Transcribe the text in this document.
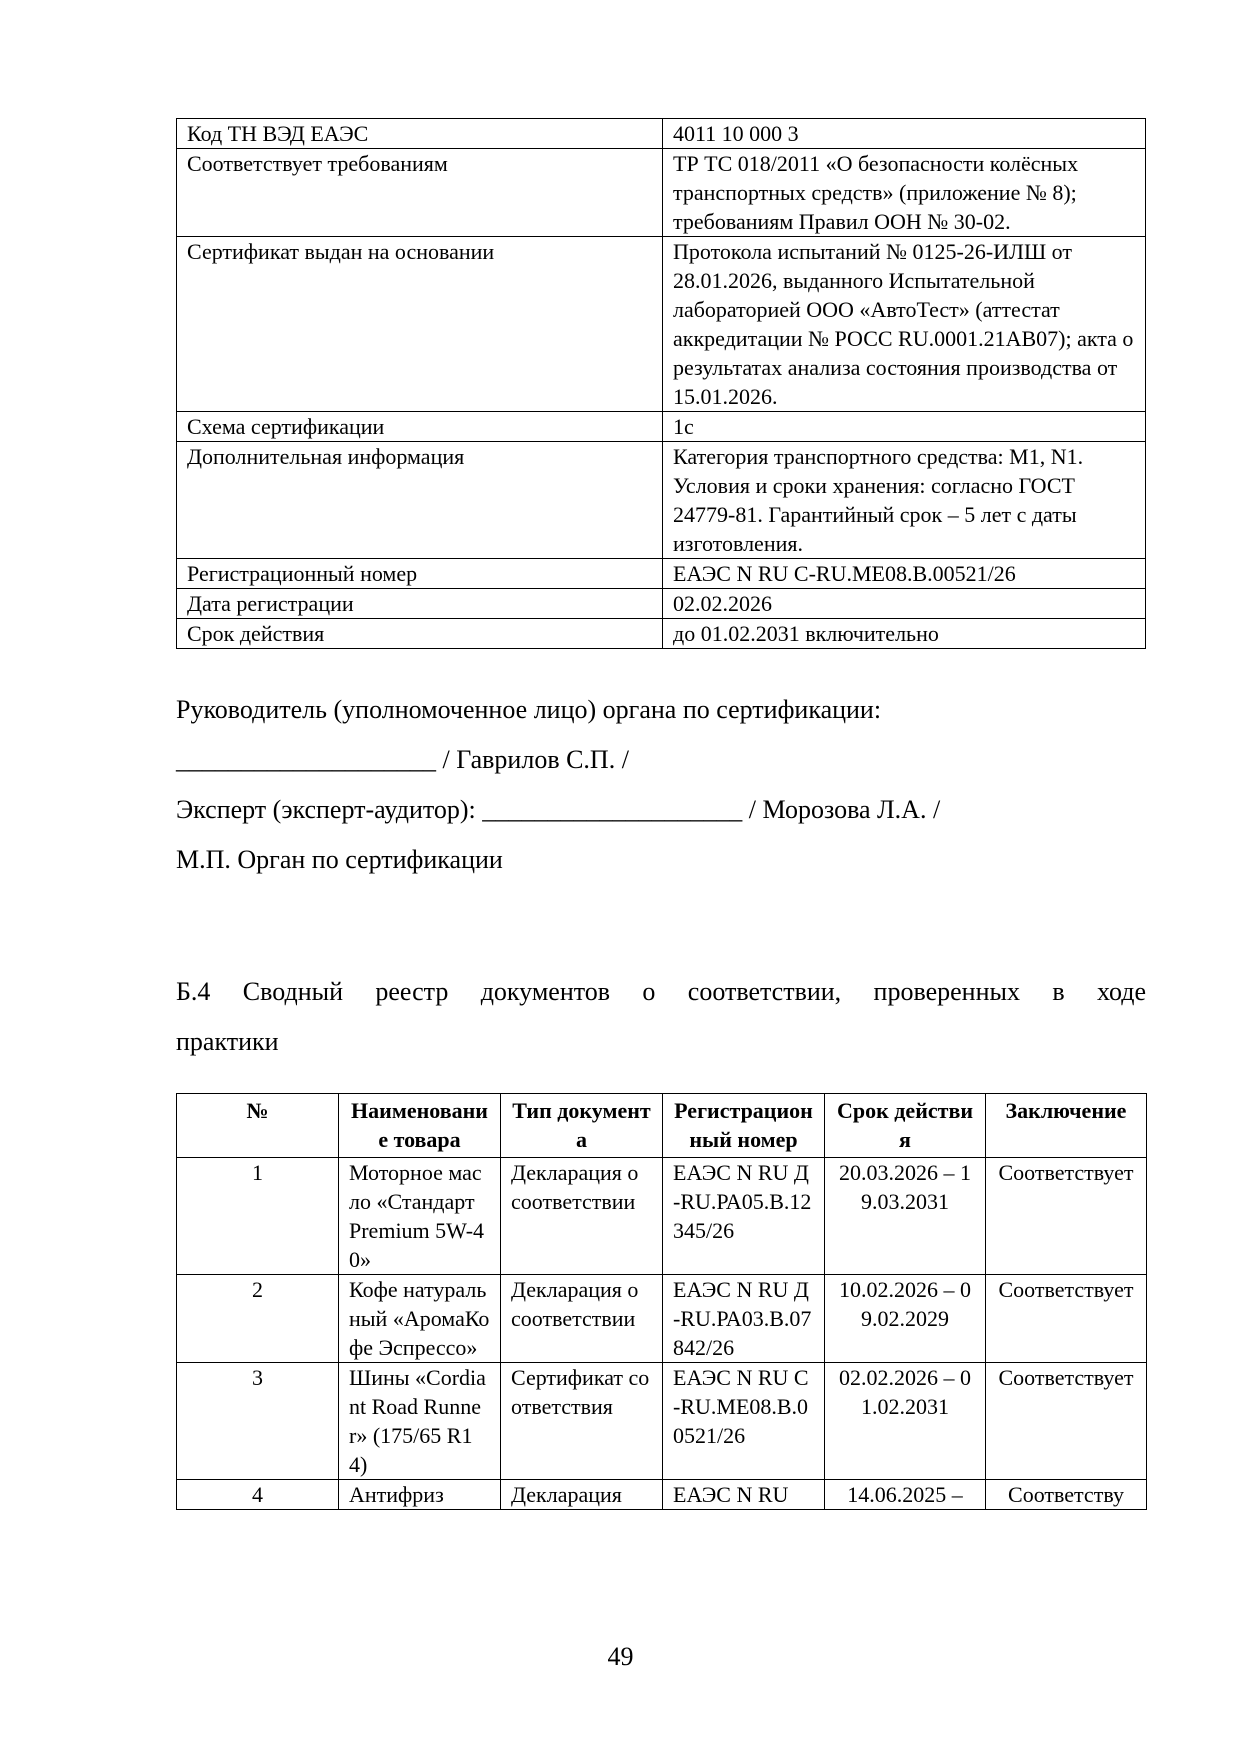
Код ТН ВЭД ЕАЭС	4011 10 000 3
Соответствует требованиям	ТР ТС 018/2011 «О безопасности колёсных транспортных средств» (приложение № 8); требованиям Правил ООН № 30-02.
Сертификат выдан на основании	Протокола испытаний № 0125-26-ИЛШ от 28.01.2026, выданного Испытательной лабораторией ООО «АвтоТест» (аттестат аккредитации № РОСС RU.0001.21АВ07); акта о результатах анализа состояния производства от 15.01.2026.
Схема сертификации	1с
Дополнительная информация	Категория транспортного средства: М1, N1. Условия и сроки хранения: согласно ГОСТ 24779-81. Гарантийный срок – 5 лет с даты изготовления.
Регистрационный номер	ЕАЭС N RU С-RU.МЕ08.В.00521/26
Дата регистрации	02.02.2026
Срок действия	до 01.02.2031 включительно
Руководитель (уполномоченное лицо) органа по сертификации:
____________________ / Гаврилов С.П. /
Эксперт (эксперт-аудитор): ____________________ / Морозова Л.А. /
М.П. Орган по сертификации
Б.4 Сводный реестр документов о соответствии, проверенных в ходе
практики
№	Наименование товара	Тип документа	Регистрационный номер	Срок действия	Заключение
1	Моторное масло «Стандарт Premium 5W-40»	Декларация о соответствии	ЕАЭС N RU Д-RU.РА05.В.12345/26	20.03.2026 – 19.03.2031	Соответствует
2	Кофе натуральный «АромаКофе Эспрессо»	Декларация о соответствии	ЕАЭС N RU Д-RU.РА03.В.07842/26	10.02.2026 – 09.02.2029	Соответствует
3	Шины «Cordiant Road Runner» (175/65 R14)	Сертификат соответствия	ЕАЭС N RU С-RU.МЕ08.В.00521/26	02.02.2026 – 01.02.2031	Соответствует
4	Антифриз	Декларация	ЕАЭС N RU	14.06.2025 –	Соответству
49
